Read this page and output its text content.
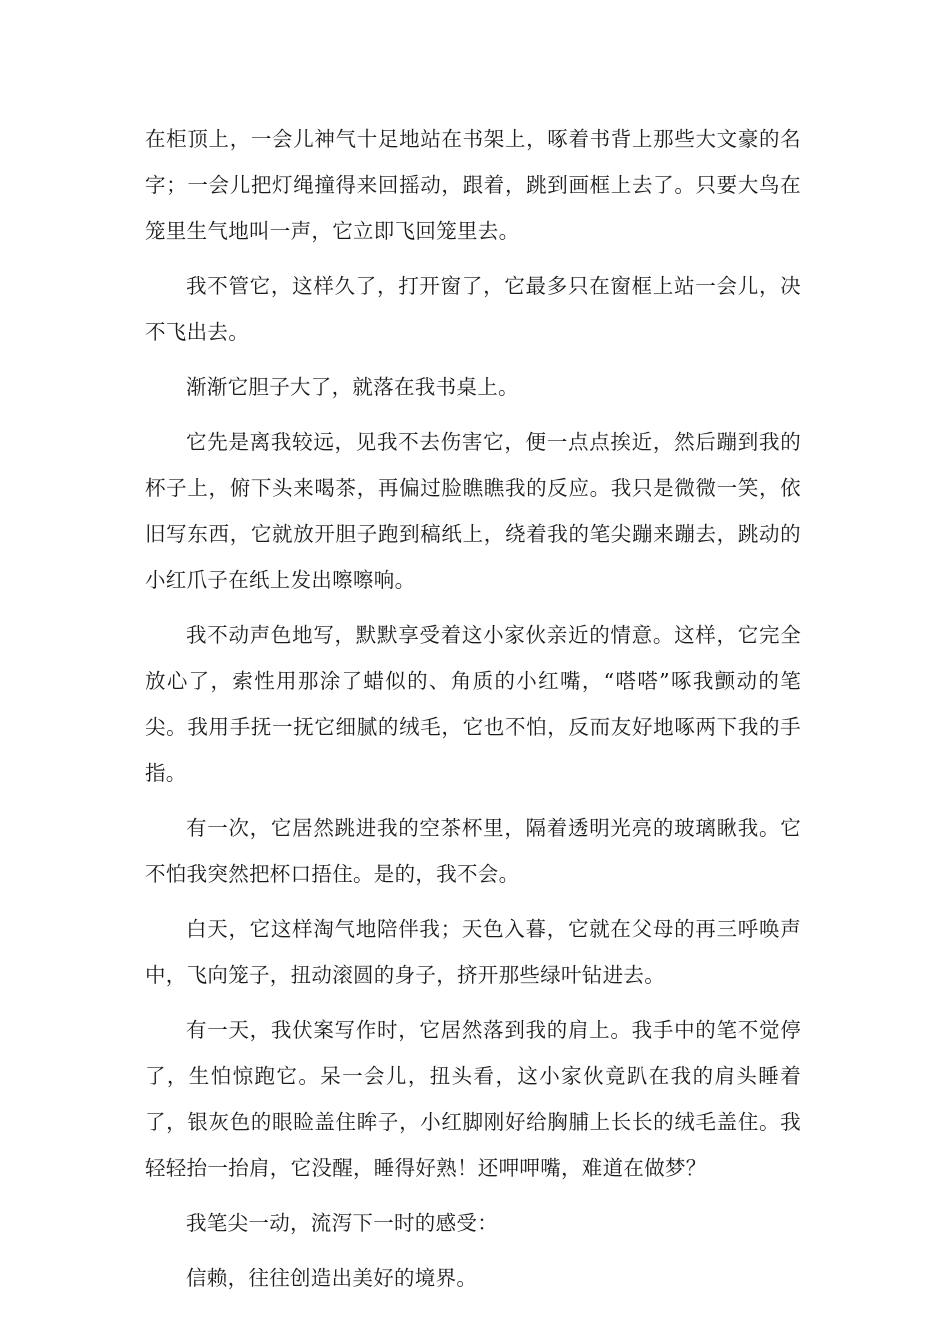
在柜顶上，一会儿神气十足地站在书架上，啄着书背上那些大文豪的名字；一会儿把灯绳撞得来回摇动，跟着，跳到画框上去了。只要大鸟在笼里生气地叫一声，它立即飞回笼里去。

我不管它，这样久了，打开窗了，它最多只在窗框上站一会儿，决不飞出去。

渐渐它胆子大了，就落在我书桌上。

它先是离我较远，见我不去伤害它，便一点点挨近，然后蹦到我的杯子上，俯下头来喝茶，再偏过脸瞧瞧我的反应。我只是微微一笑，依旧写东西，它就放开胆子跑到稿纸上，绕着我的笔尖蹦来蹦去，跳动的小红爪子在纸上发出嚓嚓响。

我不动声色地写，默默享受着这小家伙亲近的情意。这样，它完全放心了，索性用那涂了蜡似的、角质的小红嘴，“嗒嗒”啄我颤动的笔尖。我用手抚一抚它细腻的绒毛，它也不怕，反而友好地啄两下我的手指。

有一次，它居然跳进我的空茶杯里，隔着透明光亮的玻璃瞅我。它不怕我突然把杯口捂住。是的，我不会。

白天，它这样淘气地陪伴我；天色入暮，它就在父母的再三呼唤声中，飞向笼子，扭动滚圆的身子，挤开那些绿叶钻进去。

有一天，我伏案写作时，它居然落到我的肩上。我手中的笔不觉停了，生怕惊跑它。呆一会儿，扭头看，这小家伙竟趴在我的肩头睡着了，银灰色的眼睑盖住眸子，小红脚刚好给胸脯上长长的绒毛盖住。我轻轻抬一抬肩，它没醒，睡得好熟！还呷呷嘴，难道在做梦？

我笔尖一动，流泻下一时的感受：

信赖，往往创造出美好的境界。
